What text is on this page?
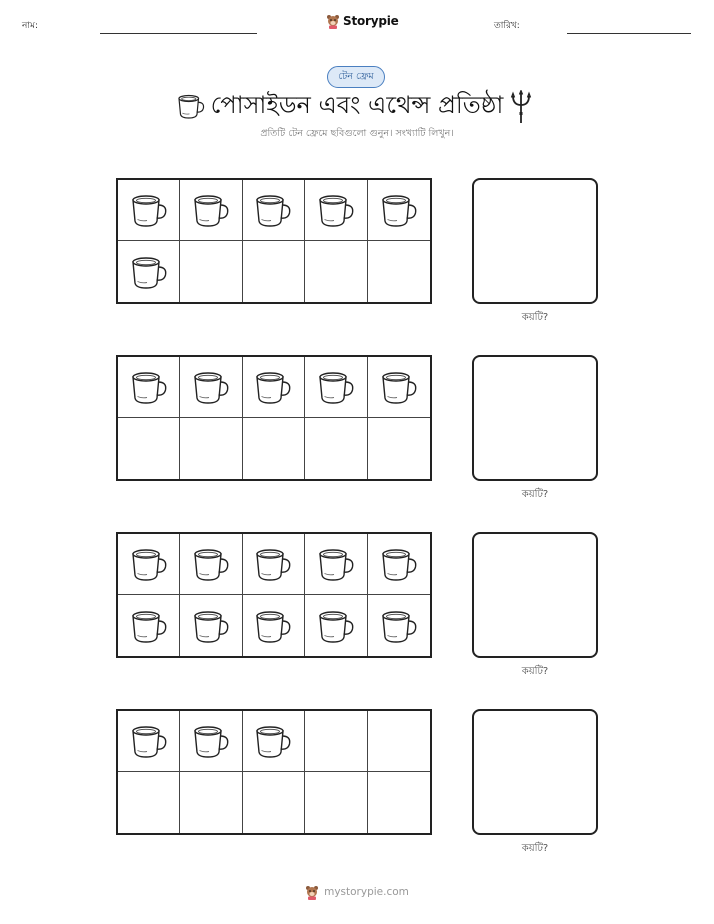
নাম:	Storypie	তারিখ:
টেন ফ্রেম
পোসাইডন এবং এথেন্স প্রতিষ্ঠা
প্রতিটি টেন ফ্রেমে ছবিগুলো গুনুন। সংখ্যাটি লিখুন।
কয়টি?
কয়টি?
কয়টি?
কয়টি?
mystorypie.com
